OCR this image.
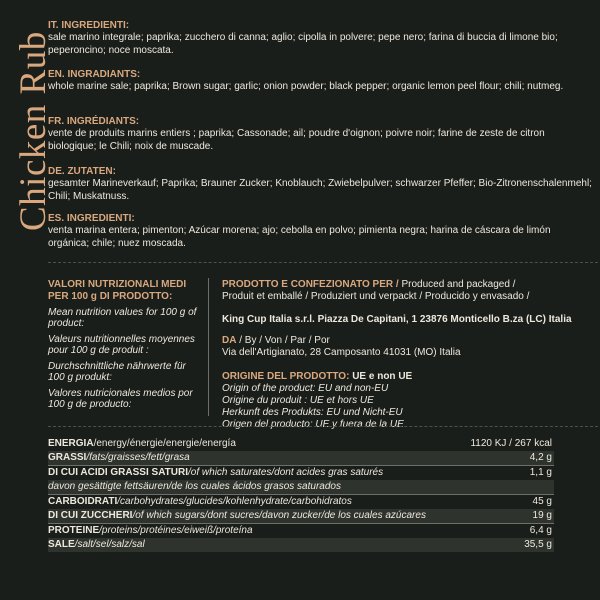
Chicken Rub
IT. INGREDIENTI:
sale marino integrale; paprika; zucchero di canna; aglio; cipolla in polvere; pepe nero; farina di buccia di limone bio; peperoncino; noce moscata.
EN. INGRADIANTS:
whole marine sale; paprika; Brown sugar; garlic; onion powder; black pepper; organic lemon peel flour; chili; nutmeg.
FR. INGRÉDIANTS:
vente de produits marins entiers ; paprika; Cassonade; ail; poudre d'oignon; poivre noir; farine de zeste de citron biologique; le Chili; noix de muscade.
DE. ZUTATEN:
gesamter Marineverkauf; Paprika; Brauner Zucker; Knoblauch; Zwiebelpulver; schwarzer Pfeffer; Bio-Zitronenschalenmehl; Chili; Muskatnuss.
ES. INGREDIENTI:
venta marina entera; pimenton; Azúcar morena; ajo; cebolla en polvo; pimienta negra; harina de cáscara de limón orgánica; chile; nuez moscada.
VALORI NUTRIZIONALI MEDI
PER 100 g DI PRODOTTO:
Mean nutrition values for 100 g of product:
Valeurs nutritionnelles moyennes pour 100 g de produit :
Durchschnittliche nährwerte für 100 g produkt:
Valores nutricionales medios por 100 g de producto:
PRODOTTO E CONFEZIONATO PER / Produced and packaged /
Produit et emballé / Produziert und verpackt / Producido y envasado /
King Cup Italia s.r.l. Piazza De Capitani, 1 23876 Monticello B.za (LC) Italia
DA / By / Von / Par / Por
Via dell'Artigianato, 28 Camposanto 41031 (MO) Italia
ORIGINE DEL PRODOTTO: UE e non UE
Origin of the product: EU and non-EU
Origine du produit : UE et hors UE
Herkunft des Produkts: EU und Nicht-EU
Origen del producto: UE y fuera de la UE
ENERGIA/energy/énergie/energie/energía	1120 KJ / 267 kcal	
GRASSI/fats/graisses/fett/grasa		4,2 g
DI CUI ACIDI GRASSI SATURI/of which saturates/dont acides gras saturés		1,1 g
davon gesättigte fettsäuren/de los cuales ácidos grasos saturados		
CARBOIDRATI/carbohydrates/glucides/kohlenhydrate/carbohidratos		45 g
DI CUI ZUCCHERI/of which sugars/dont sucres/davon zucker/de los cuales azúcares		19 g
PROTEINE/proteins/protéines/eiweiß/proteína		6,4 g
SALE/salt/sel/salz/sal		35,5 g
